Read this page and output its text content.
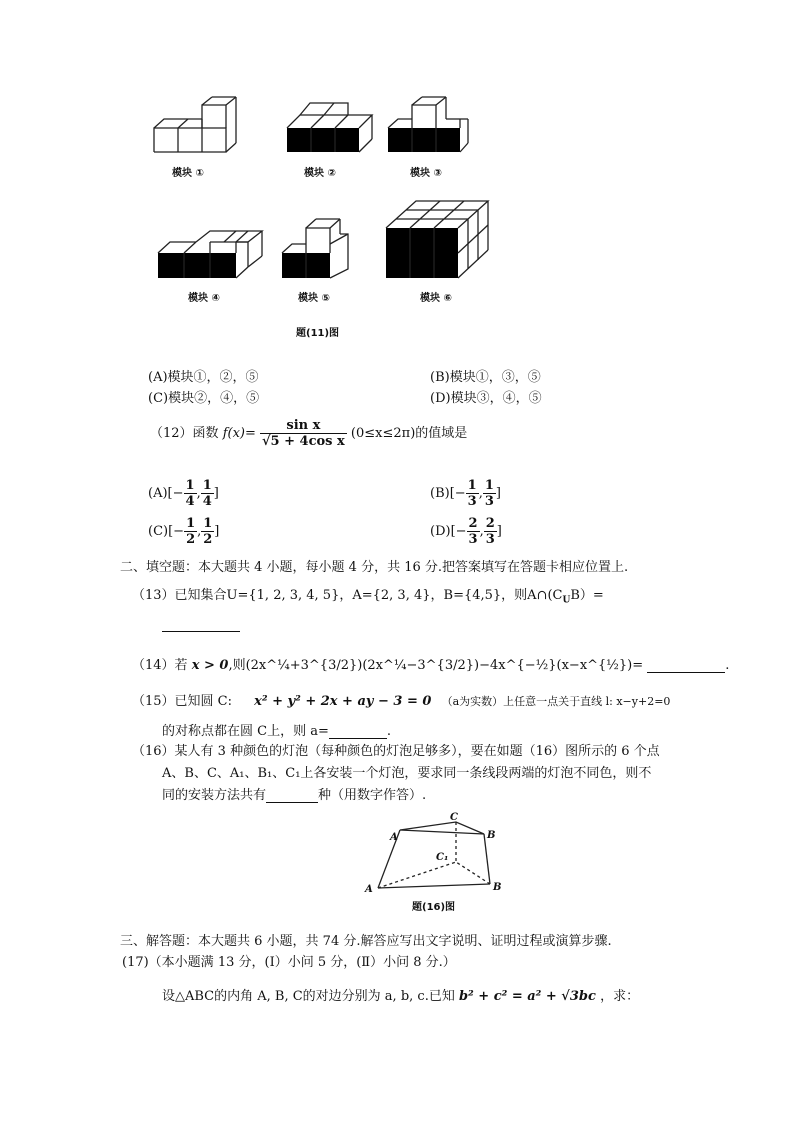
模块 ①	模块 ②	模块 ③
模块 ④	模块 ⑤	模块 ⑥
题(11)图
(A)模块①，②，⑤	(B)模块①，③，⑤
(C)模块②，④，⑤	(D)模块③，④，⑤
（12）函数 $f(x)= \frac{\text{sin x}}{\text{√5 + 4cos x}} (0\le x\le 2\pi)$的值域是
$(A)[- \frac{1}{4}$ , $\frac{1}{4}$ ]	$(B)[- \frac{1}{3}$ , $\frac{1}{3}$ ]
$(C)[- \frac{1}{2}$ , $\frac{1}{2}$ ]	$(D)[- \frac{2}{3}$ , $\frac{2}{3}$ ]
二、填空题：本大题共 4 小题，每小题 4 分，共 16 分.把答案填写在答题卡相应位置上.
（13）已知集合U={1, 2, 3, 4, 5}，A={2, 3, 4}，B={4,5}，则$A\cap(C_UB)=$
（14）若 x > 0,则(2x^¼+3^{3/2})(2x^¼−3^{3/2})−4x^{−½}(x−x^{½})=	.
（15）已知圆 C: x² + y² + 2x + ay − 3 = 0 （a为实数）上任意一点关于直线 l: x−y+2=0
的对称点都在圆 C上，则 a=	.
（16）某人有 3 种颜色的灯泡（每种颜色的灯泡足够多），要在如题（16）图所示的 6 个点
A、B、C、A₁、B₁、C₁上各安装一个灯泡，要求同一条线段两端的灯泡不同色，则不
同的安装方法共有	种（用数字作答）.
A
C
B
C₁
A	B
题(16)图
三、解答题：本大题共 6 小题，共 74 分.解答应写出文字说明、证明过程或演算步骤.
(17)（本小题满 13 分，(Ⅰ）小问 5 分，(Ⅱ）小问 8 分.）
设△ABC的内角 A, B, C的对边分别为 a, b, c.已知 b² + c² = a² + √3bc ，求：
